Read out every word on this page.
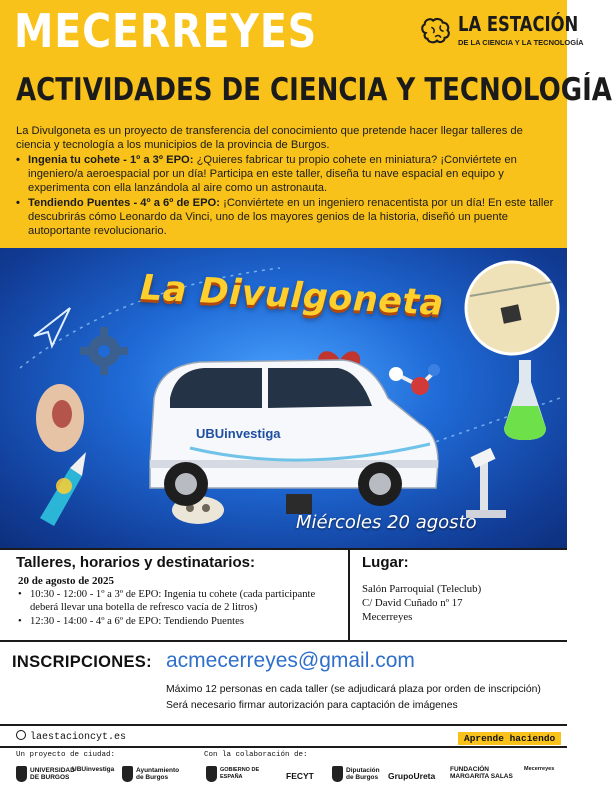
MECERREYES	LA ESTACIÓN
DE LA CIENCIA Y LA TECNOLOGÍA
ACTIVIDADES DE CIENCIA Y TECNOLOGÍA

La Divulgoneta es un proyecto de transferencia del conocimiento que pretende hacer llegar talleres de ciencia y tecnología a los municipios de la provincia de Burgos.

• Ingenia tu cohete - 1º a 3º EPO: ¿Quieres fabricar tu propio cohete en miniatura? ¡Conviértete en ingeniero/a aeroespacial por un día! Participa en este taller, diseña tu nave espacial en equipo y experimenta con ella lanzándola al aire como un astronauta.
• Tendiendo Puentes - 4º a 6º de EPO: ¡Conviértete en un ingeniero renacentista por un día! En este taller descubrirás cómo Leonardo da Vinci, uno de los mayores genios de la historia, diseñó un puente autoportante revolucionario.
La Divulgoneta
UBUinvestiga
Miércoles 20 agosto
Talleres, horarios y destinatarios:
20 de agosto de 2025
• 10:30 - 12:00 - 1º a 3º de EPO: Ingenia tu cohete (cada participante deberá llevar una botella de refresco vacía de 2 litros)
• 12:30 - 14:00 - 4º a 6º de EPO: Tendiendo Puentes
Lugar:
Salón Parroquial (Teleclub)
C/ David Cuñado nº 17
Mecerreyes
INSCRIPCIONES: acmecerreyes@gmail.com
Máximo 12 personas en cada taller (se adjudicará plaza por orden de inscripción)
Será necesario firmar autorización para captación de imágenes
laestacioncyt.es	Aprende haciendo
Un proyecto de ciudad:	Con la colaboración de:
UNIVERSIDAD DE BURGOS
UBUinvestiga	Ayuntamiento de Burgos
GOBIERNO DE ESPAÑA	FECYT
Diputación de Burgos	GrupoUreta
FUNDACIÓN MARGARITA SALAS
Mecerreyes
